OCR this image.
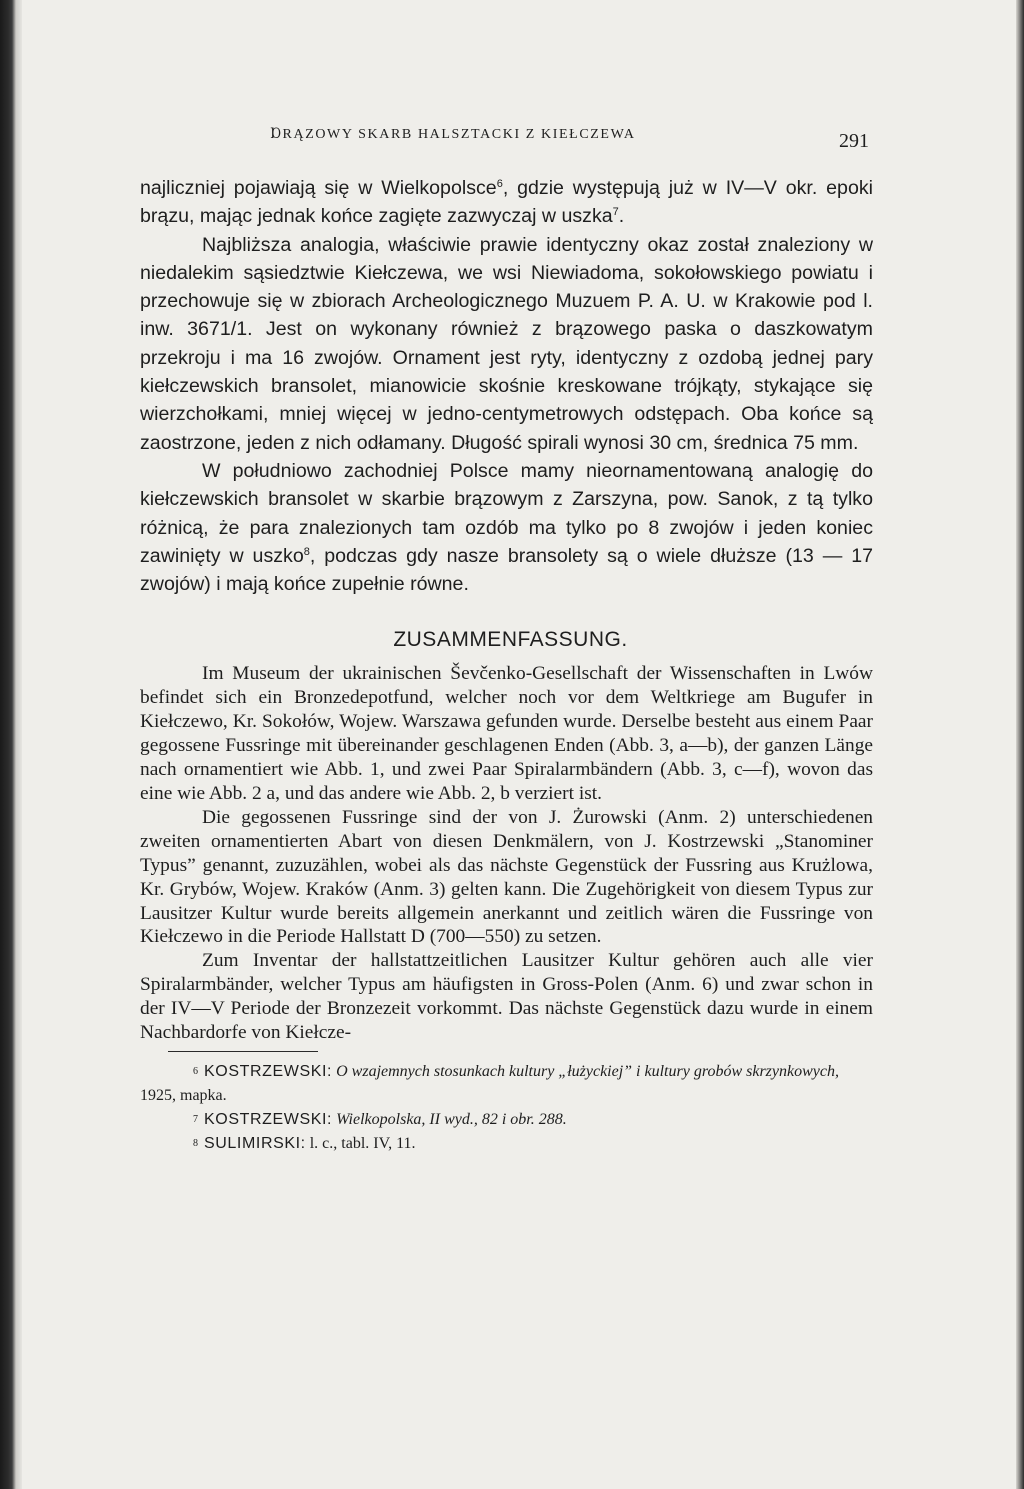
ⱰRĄZOWY SKARB HALSZTACKI Z KIEŁCZEWA	291

najliczniej pojawiają się w Wielkopolsce$^6$, gdzie występują już w IV—V okr. epoki brązu, mając jednak końce zagięte zazwyczaj w uszka$^7$.

Najbliższa analogia, właściwie prawie identyczny okaz został znaleziony w niedalekim sąsiedztwie Kiełczewa, we wsi Niewiadoma, sokołowskiego powiatu i przechowuje się w zbiorach Archeologicznego Muzuem P. A. U. w Krakowie pod l. inw. 3671/1. Jest on wykonany również z brązowego paska o daszkowatym przekroju i ma 16 zwojów. Ornament jest ryty, identyczny z ozdobą jednej pary kiełczewskich bransolet, mianowicie skośnie kreskowane trójkąty, stykające się wierzchołkami, mniej więcej w jedno-centymetrowych odstępach. Oba końce są zaostrzone, jeden z nich odłamany. Długość spirali wynosi 30 cm, średnica 75 mm.

W południowo zachodniej Polsce mamy nieornamentowaną analogię do kiełczewskich bransolet w skarbie brązowym z Zarszyna, pow. Sanok, z tą tylko różnicą, że para znalezionych tam ozdób ma tylko po 8 zwojów i jeden koniec zawinięty w uszko$^8$, podczas gdy nasze bransolety są o wiele dłuższe (13 — 17 zwojów) i mają końce zupełnie równe.

ZUSAMMENFASSUNG.

Im Museum der ukrainischen Ševčenko-Gesellschaft der Wissenschaften in Lwów befindet sich ein Bronzedepotfund, welcher noch vor dem Weltkriege am Bugufer in Kiełczewo, Kr. Sokołów, Wojew. Warszawa gefunden wurde. Derselbe besteht aus einem Paar gegossene Fussringe mit übereinander geschlagenen Enden (Abb. 3, a—b), der ganzen Länge nach ornamentiert wie Abb. 1, und zwei Paar Spiralarmbändern (Abb. 3, c—f), wovon das eine wie Abb. 2 a, und das andere wie Abb. 2, b verziert ist.

Die gegossenen Fussringe sind der von J. Żurowski (Anm. 2) unterschiedenen zweiten ornamentierten Abart von diesen Denkmälern, von J. Kostrzewski „Stanominer Typus” genannt, zuzuzählen, wobei als das nächste Gegenstück der Fussring aus Krużlowa, Kr. Grybów, Wojew. Kraków (Anm. 3) gelten kann. Die Zugehörigkeit von diesem Typus zur Lausitzer Kultur wurde bereits allgemein anerkannt und zeitlich wären die Fussringe von Kiełczewo in die Periode Hallstatt D (700—550) zu setzen.

Zum Inventar der hallstattzeitlichen Lausitzer Kultur gehören auch alle vier Spiralarmbänder, welcher Typus am häufigsten in Gross-Polen (Anm. 6) und zwar schon in der IV—V Periode der Bronzezeit vorkommt. Das nächste Gegenstück dazu wurde in einem Nachbardorfe von Kiełcze-

6 KOSTRZEWSKI: O wzajemnych stosunkach kultury „łużyckiej” i kultury grobów skrzynkowych, 1925, mapka.

7 KOSTRZEWSKI: Wielkopolska, II wyd., 82 i obr. 288.

8 SULIMIRSKI: l. c., tabl. IV, 11.
